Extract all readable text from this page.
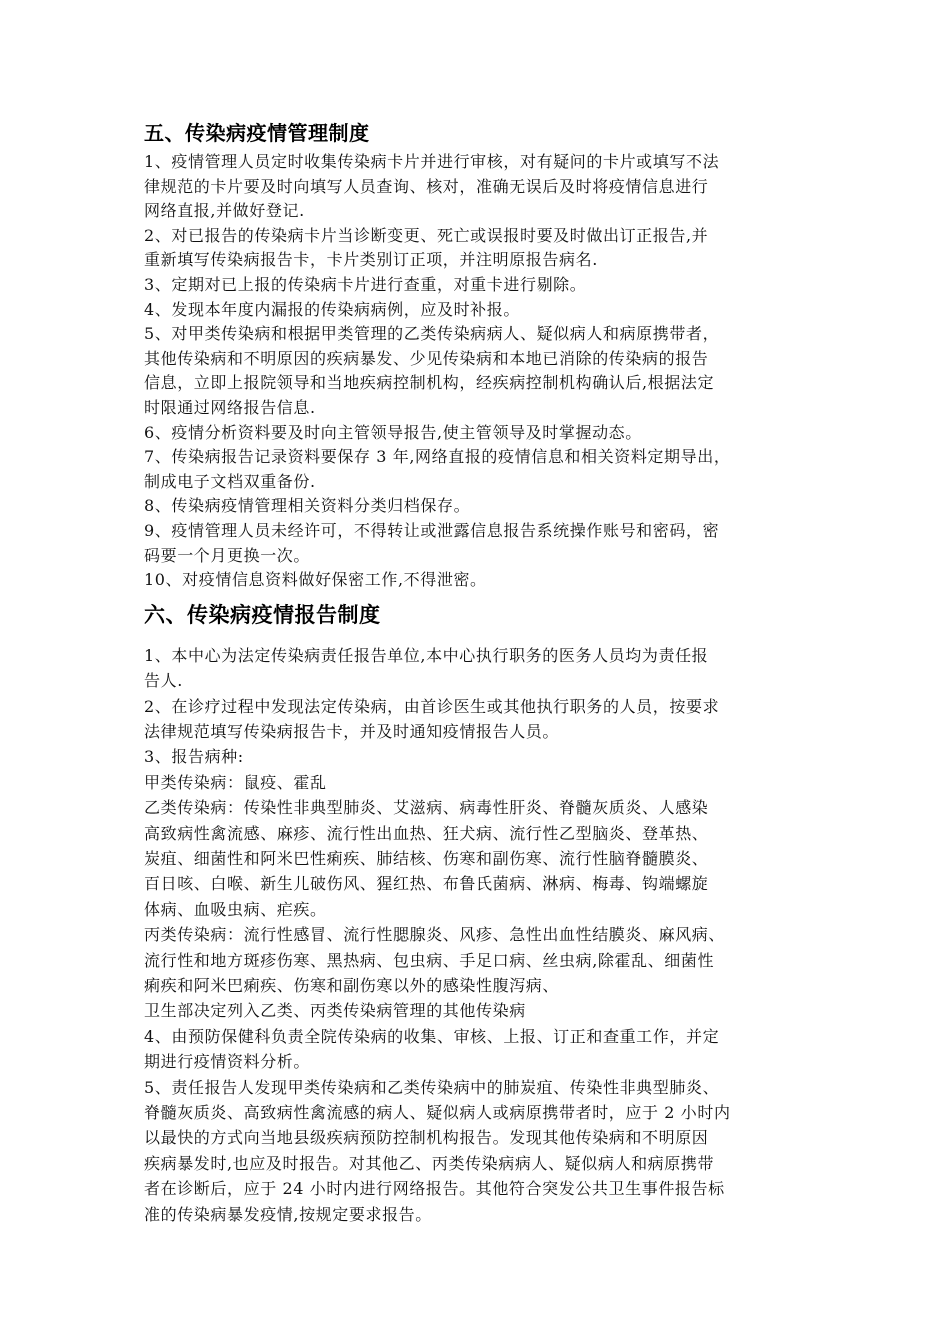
五、传染病疫情管理制度

1、疫情管理人员定时收集传染病卡片并进行审核，对有疑问的卡片或填写不法

律规范的卡片要及时向填写人员查询、核对，准确无误后及时将疫情信息进行

网络直报,并做好登记.

2、对已报告的传染病卡片当诊断变更、死亡或误报时要及时做出订正报告,并

重新填写传染病报告卡，卡片类别订正项，并注明原报告病名.

3、定期对已上报的传染病卡片进行查重，对重卡进行剔除。

4、发现本年度内漏报的传染病病例，应及时补报。

5、对甲类传染病和根据甲类管理的乙类传染病病人、疑似病人和病原携带者，

其他传染病和不明原因的疾病暴发、少见传染病和本地已消除的传染病的报告

信息，立即上报院领导和当地疾病控制机构，经疾病控制机构确认后,根据法定

时限通过网络报告信息.

6、疫情分析资料要及时向主管领导报告,使主管领导及时掌握动态。

7、传染病报告记录资料要保存 3 年,网络直报的疫情信息和相关资料定期导出，

制成电子文档双重备份.

8、传染病疫情管理相关资料分类归档保存。

9、疫情管理人员未经许可，不得转让或泄露信息报告系统操作账号和密码，密

码要一个月更换一次。

10、对疫情信息资料做好保密工作,不得泄密。

六、传染病疫情报告制度

1、本中心为法定传染病责任报告单位,本中心执行职务的医务人员均为责任报

告人.

2、在诊疗过程中发现法定传染病，由首诊医生或其他执行职务的人员，按要求

法律规范填写传染病报告卡，并及时通知疫情报告人员。

3、报告病种:

甲类传染病：鼠疫、霍乱

乙类传染病：传染性非典型肺炎、艾滋病、病毒性肝炎、脊髓灰质炎、人感染

高致病性禽流感、麻疹、流行性出血热、狂犬病、流行性乙型脑炎、登革热、

炭疽、细菌性和阿米巴性痢疾、肺结核、伤寒和副伤寒、流行性脑脊髓膜炎、

百日咳、白喉、新生儿破伤风、猩红热、布鲁氏菌病、淋病、梅毒、钩端螺旋

体病、血吸虫病、疟疾。

丙类传染病：流行性感冒、流行性腮腺炎、风疹、急性出血性结膜炎、麻风病、

流行性和地方斑疹伤寒、黑热病、包虫病、手足口病、丝虫病,除霍乱、细菌性

痢疾和阿米巴痢疾、伤寒和副伤寒以外的感染性腹泻病、

卫生部决定列入乙类、丙类传染病管理的其他传染病

4、由预防保健科负责全院传染病的收集、审核、上报、订正和查重工作，并定

期进行疫情资料分析。

5、责任报告人发现甲类传染病和乙类传染病中的肺炭疽、传染性非典型肺炎、

脊髓灰质炎、高致病性禽流感的病人、疑似病人或病原携带者时，应于 2 小时内

以最快的方式向当地县级疾病预防控制机构报告。发现其他传染病和不明原因

疾病暴发时,也应及时报告。对其他乙、丙类传染病病人、疑似病人和病原携带

者在诊断后，应于 24 小时内进行网络报告。其他符合突发公共卫生事件报告标

准的传染病暴发疫情,按规定要求报告。
